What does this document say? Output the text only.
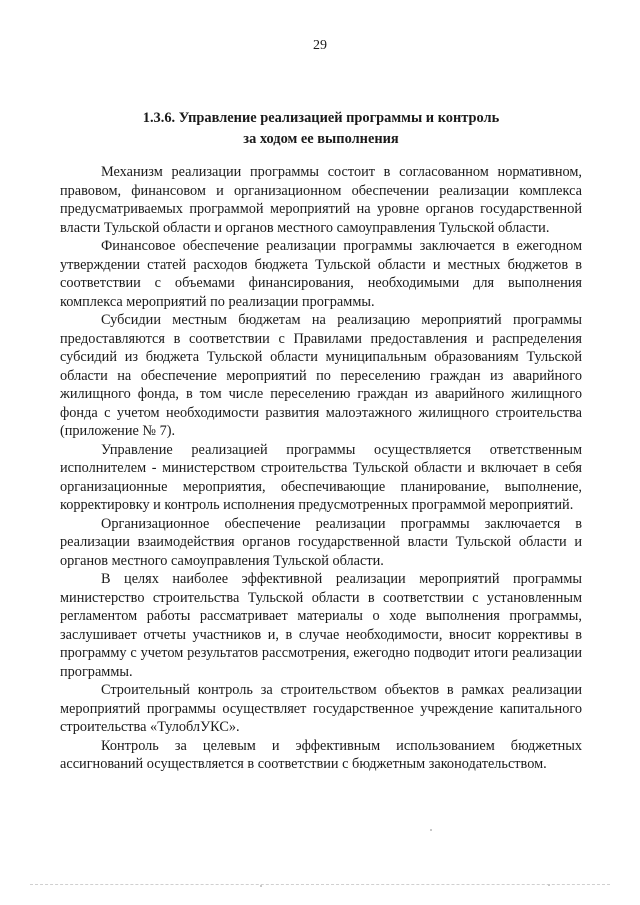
29
1.3.6. Управление реализацией программы и контроль
за ходом ее выполнения

Механизм реализации программы состоит в согласованном нормативном, правовом, финансовом и организационном обеспечении реализации комплекса предусматриваемых программой мероприятий на уровне органов государственной власти Тульской области и органов местного самоуправления Тульской области.

Финансовое обеспечение реализации программы заключается в ежегодном утверждении статей расходов бюджета Тульской области и местных бюджетов в соответствии с объемами финансирования, необходимыми для выполнения комплекса мероприятий по реализации программы.

Субсидии местным бюджетам на реализацию мероприятий программы предоставляются в соответствии с Правилами предоставления и распределения субсидий из бюджета Тульской области муниципальным образованиям Тульской области на обеспечение мероприятий по переселению граждан из аварийного жилищного фонда, в том числе переселению граждан из аварийного жилищного фонда с учетом необходимости развития малоэтажного жилищного строительства (приложение № 7).

Управление реализацией программы осуществляется ответственным исполнителем - министерством строительства Тульской области и включает в себя организационные мероприятия, обеспечивающие планирование, выполнение, корректировку и контроль исполнения предусмотренных программой мероприятий.

Организационное обеспечение реализации программы заключается в реализации взаимодействия органов государственной власти Тульской области и органов местного самоуправления Тульской области.

В целях наиболее эффективной реализации мероприятий программы министерство строительства Тульской области в соответствии с установленным регламентом работы рассматривает материалы о ходе выполнения программы, заслушивает отчеты участников и, в случае необходимости, вносит коррективы в программу с учетом результатов рассмотрения, ежегодно подводит итоги реализации программы.

Строительный контроль за строительством объектов в рамках реализации мероприятий программы осуществляет государственное учреждение капитального строительства «ТулоблУКС».

Контроль за целевым и эффективным использованием бюджетных ассигнований осуществляется в соответствии с бюджетным законодательством.
